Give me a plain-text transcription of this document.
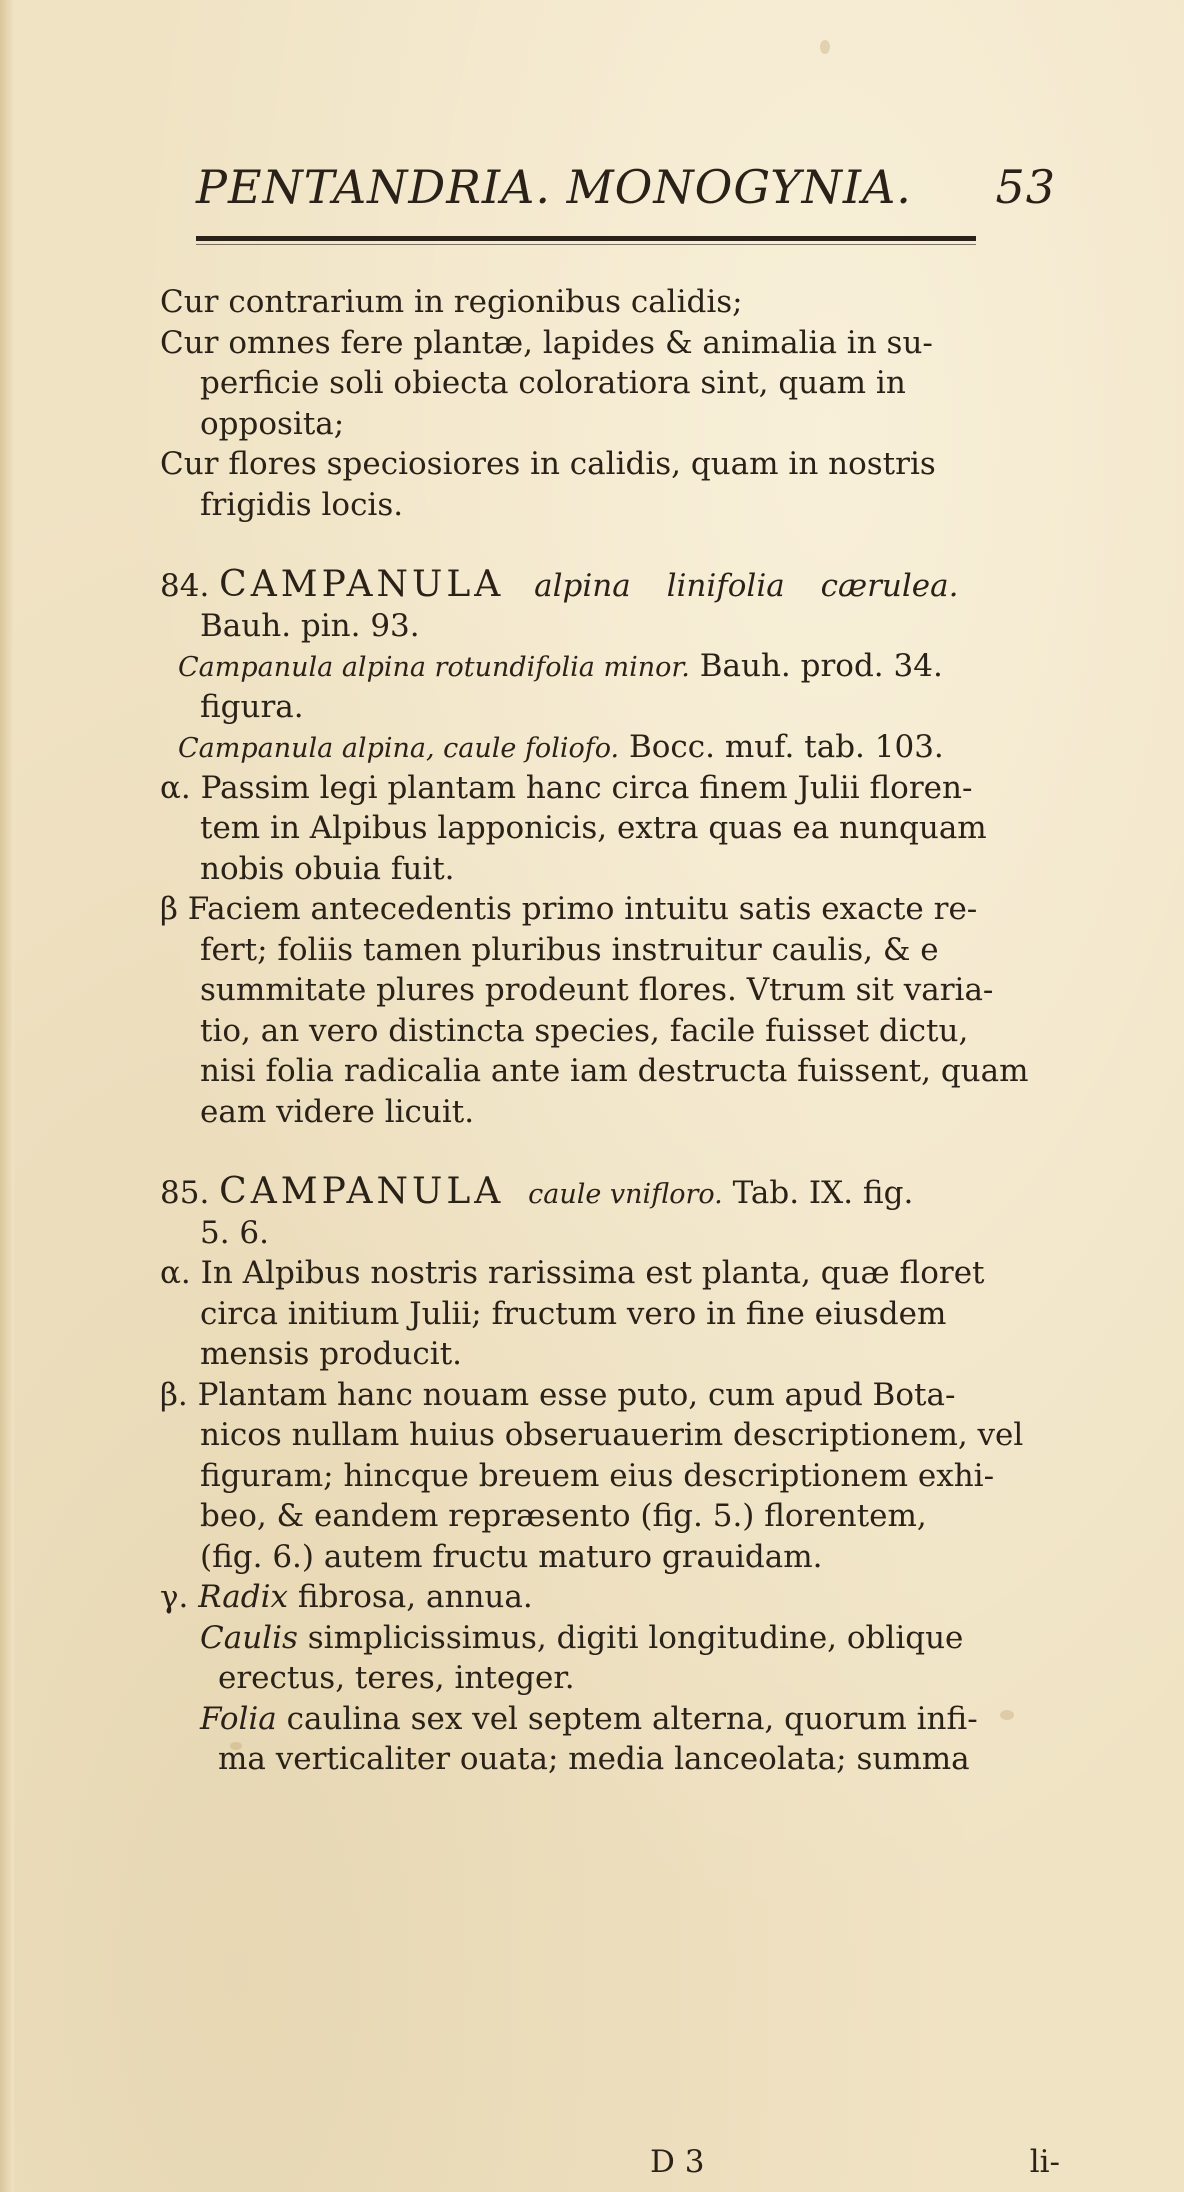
PENTANDRIA. MONOGYNIA. 53
Cur contrarium in regionibus calidis;
Cur omnes fere plantæ, lapides & animalia in su-
perficie soli obiecta coloratiora sint, quam in
opposita;
Cur flores speciosiores in calidis, quam in nostris
frigidis locis.
84. CAMPANULA alpina linifolia cærulea.
Bauh. pin. 93.
Campanula alpina rotundifolia minor. Bauh. prod. 34.
figura.
Campanula alpina, caule foliofo. Bocc. muf. tab. 103.
α. Passim legi plantam hanc circa finem Julii floren-
tem in Alpibus lapponicis, extra quas ea nunquam
nobis obuia fuit.
β Faciem antecedentis primo intuitu satis exacte re-
fert; foliis tamen pluribus instruitur caulis, & e
summitate plures prodeunt flores. Vtrum sit varia-
tio, an vero distincta species, facile fuisset dictu,
nisi folia radicalia ante iam destructa fuissent, quam
eam videre licuit.
85. CAMPANULA caule vnifloro. Tab. IX. fig.
5. 6.
α. In Alpibus nostris rarissima est planta, quæ floret
circa initium Julii; fructum vero in fine eiusdem
mensis producit.
β. Plantam hanc nouam esse puto, cum apud Bota-
nicos nullam huius obseruauerim descriptionem, vel
figuram; hincque breuem eius descriptionem exhi-
beo, & eandem repræsento (fig. 5.) florentem,
(fig. 6.) autem fructu maturo grauidam.
γ. Radix fibrosa, annua.
Caulis simplicissimus, digiti longitudine, oblique
erectus, teres, integer.
Folia caulina sex vel septem alterna, quorum infi-
ma verticaliter ouata; media lanceolata; summa
D 3	li-
